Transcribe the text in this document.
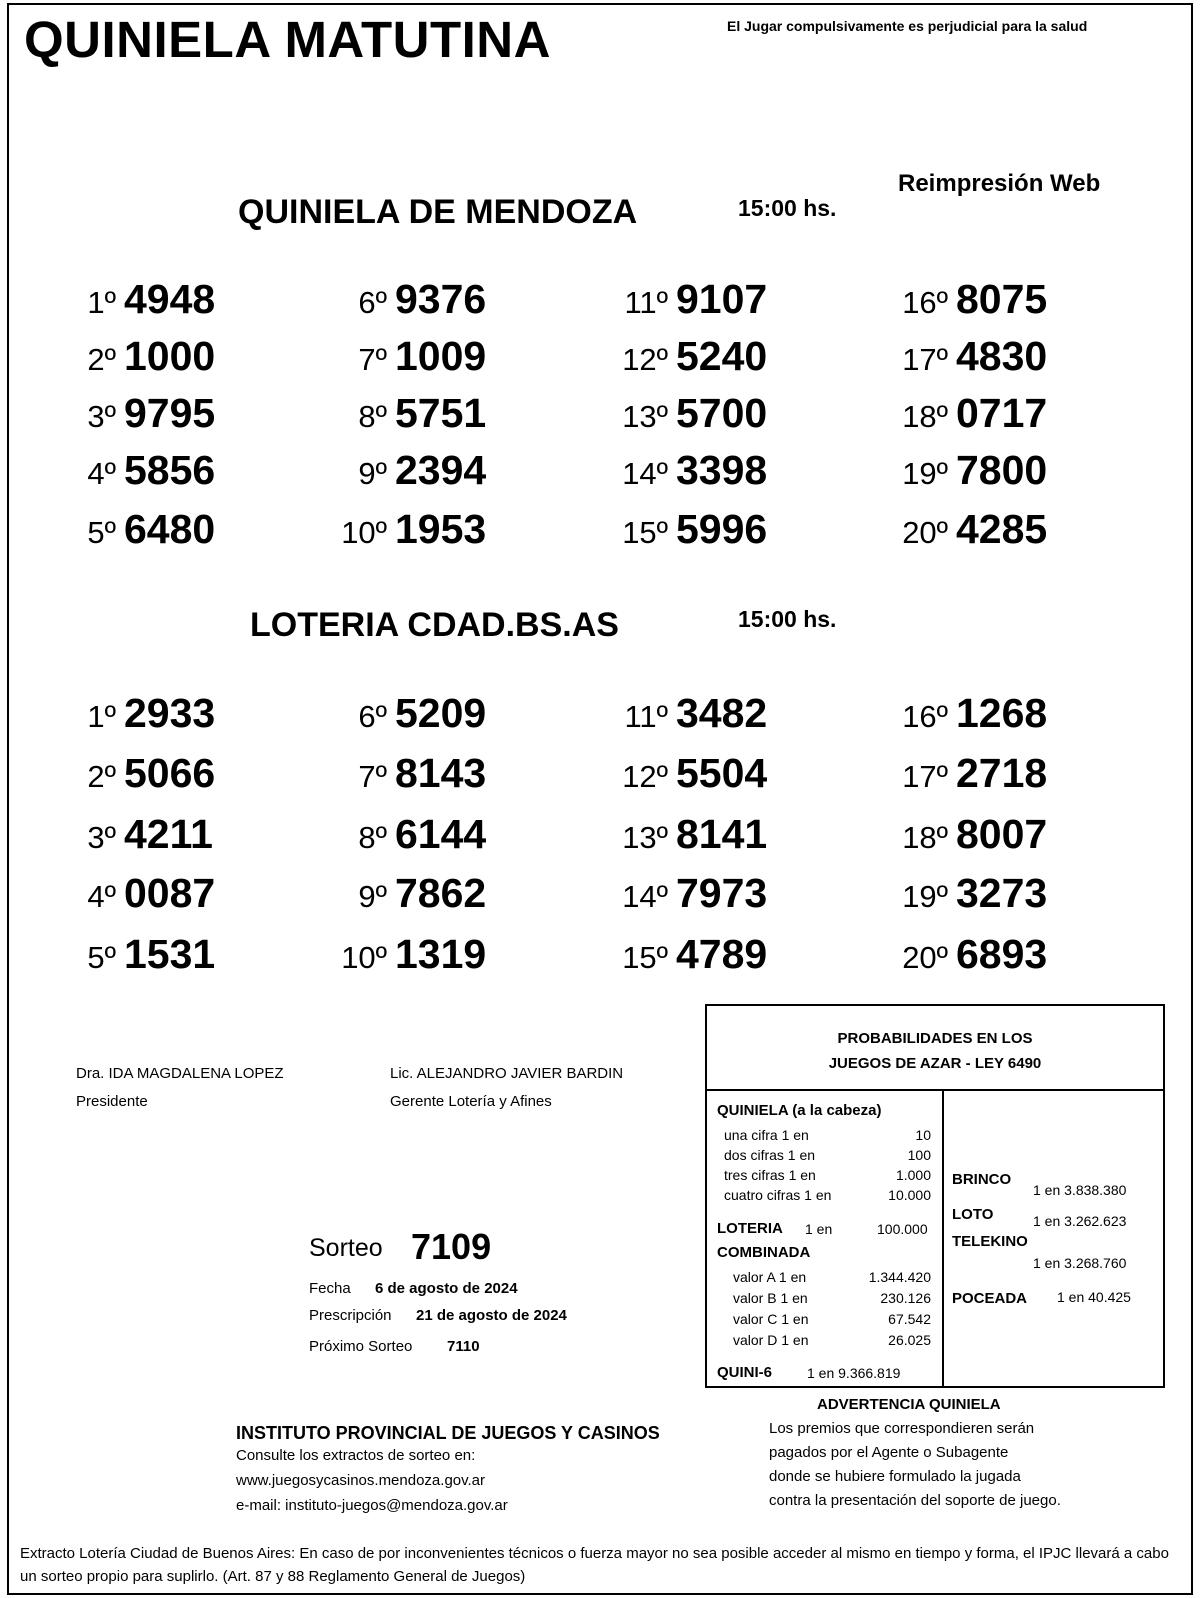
QUINIELA MATUTINA	El Jugar compulsivamente es perjudicial para la salud
Reimpresión Web
QUINIELA DE MENDOZA	15:00 hs.
1º 4948
2º 1000
3º 9795
4º 5856
5º 6480
6º 9376
7º 1009
8º 5751
9º 2394
10º 1953
11º 9107
12º 5240
13º 5700
14º 3398
15º 5996
16º 8075
17º 4830
18º 0717
19º 7800
20º 4285
LOTERIA CDAD.BS.AS	15:00 hs.
1º 2933
2º 5066
3º 4211
4º 0087
5º 1531
6º 5209
7º 8143
8º 6144
9º 7862
10º 1319
11º 3482
12º 5504
13º 8141
14º 7973
15º 4789
16º 1268
17º 2718
18º 8007
19º 3273
20º 6893
Dra. IDA MAGDALENA LOPEZ
Presidente
Lic. ALEJANDRO JAVIER BARDIN
Gerente Lotería y Afines
Sorteo 7109
Fecha 6 de agosto de 2024
Prescripción 21 de agosto de 2024
Próximo Sorteo 7110
PROBABILIDADES EN LOS
JUEGOS DE AZAR - LEY 6490
QUINIELA (a la cabeza)
una cifra 1 en	10
dos cifras 1 en	100
tres cifras 1 en	1.000
cuatro cifras 1 en	10.000
LOTERIA 1 en	100.000
COMBINADA
valor A 1 en	1.344.420
valor B 1 en	230.126
valor C 1 en	67.542
valor D 1 en	26.025
QUINI-6 1 en 9.366.819
BRINCO
1 en 3.838.380
LOTO	1 en 3.262.623
TELEKINO
1 en 3.268.760
POCEADA 1 en 40.425
ADVERTENCIA QUINIELA
Los premios que correspondieren serán
pagados por el Agente o Subagente
donde se hubiere formulado la jugada
contra la presentación del soporte de juego.
INSTITUTO PROVINCIAL DE JUEGOS Y CASINOS
Consulte los extractos de sorteo en:
www.juegosycasinos.mendoza.gov.ar
e-mail: instituto-juegos@mendoza.gov.ar
Extracto Lotería Ciudad de Buenos Aires: En caso de por inconvenientes técnicos o fuerza mayor no sea posible acceder al mismo en tiempo y forma, el IPJC llevará a cabo un sorteo propio para suplirlo. (Art. 87 y 88 Reglamento General de Juegos)
